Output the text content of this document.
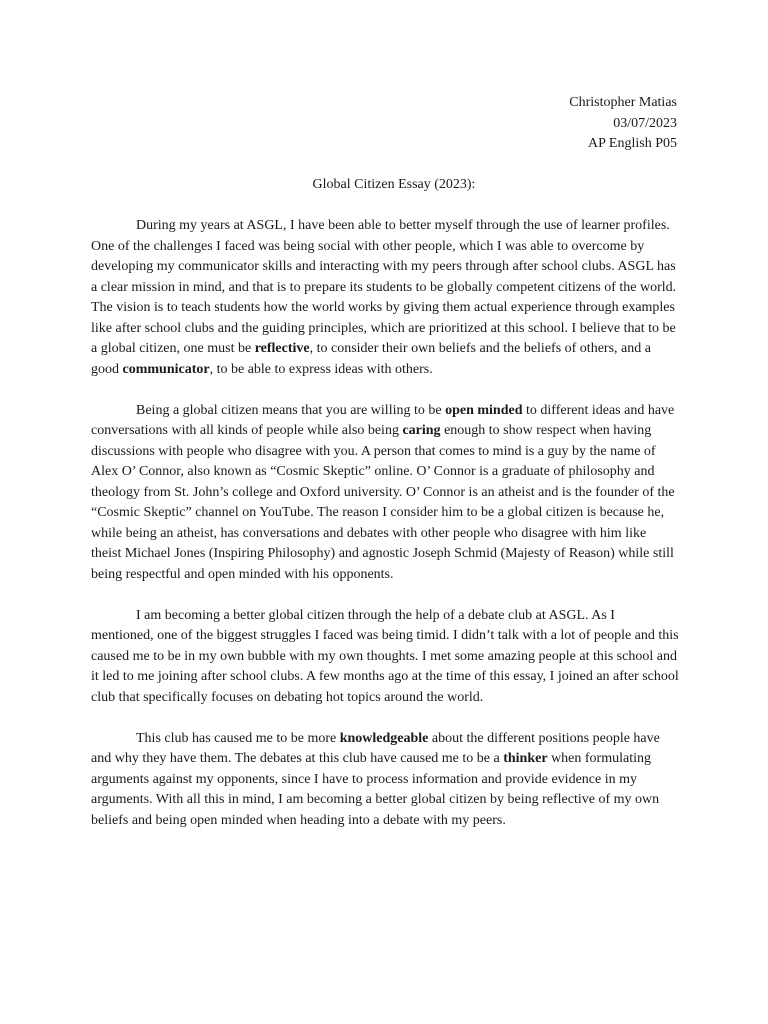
Christopher Matias
03/07/2023
AP English P05
Global Citizen Essay (2023):

During my years at ASGL, I have been able to better myself through the use of learner profiles. One of the challenges I faced was being social with other people, which I was able to overcome by developing my communicator skills and interacting with my peers through after school clubs. ASGL has a clear mission in mind, and that is to prepare its students to be globally competent citizens of the world. The vision is to teach students how the world works by giving them actual experience through examples like after school clubs and the guiding principles, which are prioritized at this school. I believe that to be a global citizen, one must be reflective, to consider their own beliefs and the beliefs of others, and a good communicator, to be able to express ideas with others.

Being a global citizen means that you are willing to be open minded to different ideas and have conversations with all kinds of people while also being caring enough to show respect when having discussions with people who disagree with you. A person that comes to mind is a guy by the name of Alex O’ Connor, also known as “Cosmic Skeptic” online. O’ Connor is a graduate of philosophy and theology from St. John’s college and Oxford university. O’ Connor is an atheist and is the founder of the “Cosmic Skeptic” channel on YouTube. The reason I consider him to be a global citizen is because he, while being an atheist, has conversations and debates with other people who disagree with him like theist Michael Jones (Inspiring Philosophy) and agnostic Joseph Schmid (Majesty of Reason) while still being respectful and open minded with his opponents.

I am becoming a better global citizen through the help of a debate club at ASGL. As I mentioned, one of the biggest struggles I faced was being timid. I didn’t talk with a lot of people and this caused me to be in my own bubble with my own thoughts. I met some amazing people at this school and it led to me joining after school clubs. A few months ago at the time of this essay, I joined an after school club that specifically focuses on debating hot topics around the world.

This club has caused me to be more knowledgeable about the different positions people have and why they have them. The debates at this club have caused me to be a thinker when formulating arguments against my opponents, since I have to process information and provide evidence in my arguments. With all this in mind, I am becoming a better global citizen by being reflective of my own beliefs and being open minded when heading into a debate with my peers.
